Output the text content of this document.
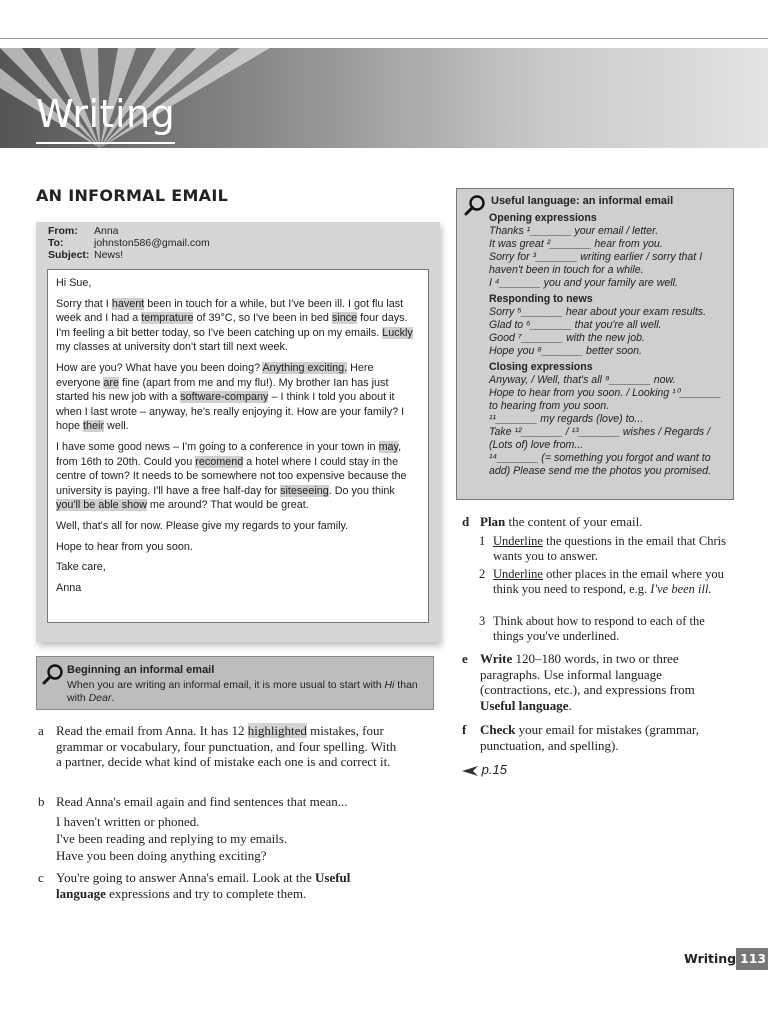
Writing
AN INFORMAL EMAIL
From: Anna
To:	johnston586@gmail.com
Subject: News!

Hi Sue,

Sorry that I havent been in touch for a while, but I've been ill. I got flu last week and I had a temprature of 39°C, so I've been in bed since four days. I'm feeling a bit better today, so I've been catching up on my emails. Luckly my classes at university don't start till next week.

How are you? What have you been doing? Anything exciting. Here everyone are fine (apart from me and my flu!). My brother Ian has just started his new job with a software-company – I think I told you about it when I last wrote – anyway, he's really enjoying it. How are your family? I hope their well.

I have some good news – I'm going to a conference in your town in may, from 16th to 20th. Could you recomend a hotel where I could stay in the centre of town? It needs to be somewhere not too expensive because the university is paying. I'll have a free half-day for siteseeing. Do you think you'll be able show me around? That would be great.

Well, that's all for now. Please give my regards to your family.

Hope to hear from you soon.

Take care,

Anna

Beginning an informal email
When you are writing an informal email, it is more usual to start with Hi than with Dear.
a Read the email from Anna. It has 12 highlighted mistakes, four grammar or vocabulary, four punctuation, and four spelling. With a partner, decide what kind of mistake each one is and correct it.
b Read Anna's email again and find sentences that mean...
I haven't written or phoned.
I've been reading and replying to my emails.
Have you been doing anything exciting?
c You're going to answer Anna's email. Look at the Useful language expressions and try to complete them.
Useful language: an informal email
Opening expressions
Thanks ¹_______ your email / letter.
It was great ²_______ hear from you.
Sorry for ³_______ writing earlier / sorry that I haven't been in touch for a while.
I ⁴_______ you and your family are well.
Responding to news
Sorry ⁵_______ hear about your exam results.
Glad to ⁶_______ that you're all well.
Good ⁷_______ with the new job.
Hope you ⁸_______ better soon.
Closing expressions
Anyway, / Well, that's all ⁹_______ now.
Hope to hear from you soon. / Looking ¹⁰_______ to hearing from you soon.
¹¹_______ my regards (love) to...
Take ¹²_______ / ¹³_______ wishes / Regards / (Lots of) love from...
¹⁴_______ (= something you forgot and want to add) Please send me the photos you promised.
d Plan the content of your email.
1 Underline the questions in the email that Chris wants you to answer.
2 Underline other places in the email where you think you need to respond, e.g. I've been ill.
3 Think about how to respond to each of the things you've underlined.
e Write 120–180 words, in two or three paragraphs. Use informal language (contractions, etc.), and expressions from Useful language.
f Check your email for mistakes (grammar, punctuation, and spelling).
p.15
Writing 113
